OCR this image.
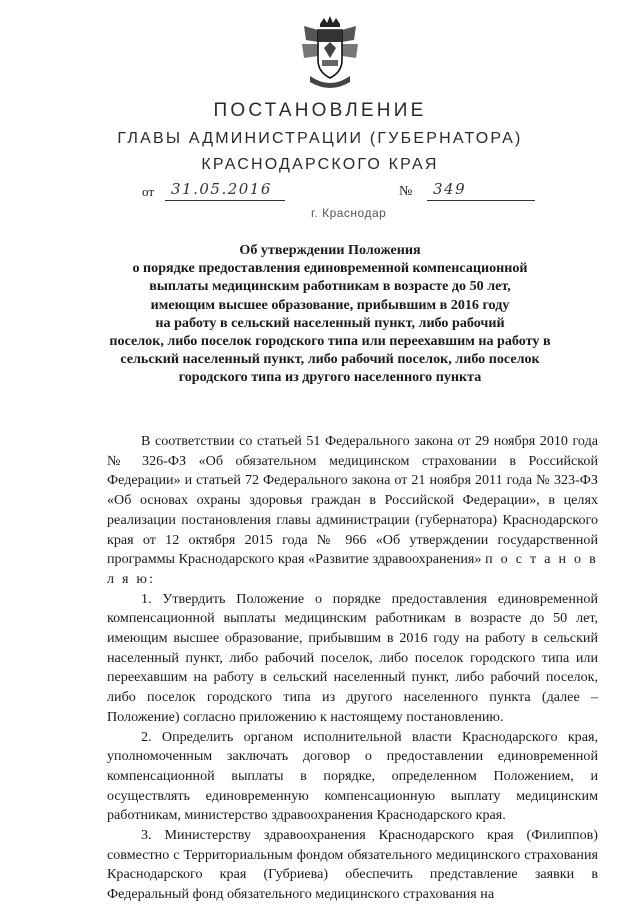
ПОСТАНОВЛЕНИЕ
ГЛАВЫ АДМИНИСТРАЦИИ (ГУБЕРНАТОРА)
КРАСНОДАРСКОГО КРАЯ
от 31.05.2016	№ 349
г. Краснодар
Об утверждении Положения
о порядке предоставления единовременной компенсационной
выплаты медицинским работникам в возрасте до 50 лет,
имеющим высшее образование, прибывшим в 2016 году
на работу в сельский населенный пункт, либо рабочий
поселок, либо поселок городского типа или переехавшим на работу в
сельский населенный пункт, либо рабочий поселок, либо поселок
городского типа из другого населенного пункта

В соответствии со статьей 51 Федерального закона от 29 ноября 2010 года № 326-ФЗ «Об обязательном медицинском страховании в Российской Федерации» и статьей 72 Федерального закона от 21 ноября 2011 года № 323-ФЗ «Об основах охраны здоровья граждан в Российской Федерации», в целях реализации постановления главы администрации (губернатора) Краснодарского края от 12 октября 2015 года № 966 «Об утверждении государственной программы Краснодарского края «Развитие здравоохранения» п о с т а н о в л я ю:

1. Утвердить Положение о порядке предоставления единовременной компенсационной выплаты медицинским работникам в возрасте до 50 лет, имеющим высшее образование, прибывшим в 2016 году на работу в сельский населенный пункт, либо рабочий поселок, либо поселок городского типа или переехавшим на работу в сельский населенный пункт, либо рабочий поселок, либо поселок городского типа из другого населенного пункта (далее – Положение) согласно приложению к настоящему постановлению.

2. Определить органом исполнительной власти Краснодарского края, уполномоченным заключать договор о предоставлении единовременной компенсационной выплаты в порядке, определенном Положением, и осуществлять единовременную компенсационную выплату медицинским работникам, министерство здравоохранения Краснодарского края.

3. Министерству здравоохранения Краснодарского края (Филиппов) совместно с Территориальным фондом обязательного медицинского страхования Краснодарского края (Губриева) обеспечить представление заявки в Федеральный фонд обязательного медицинского страхования на
